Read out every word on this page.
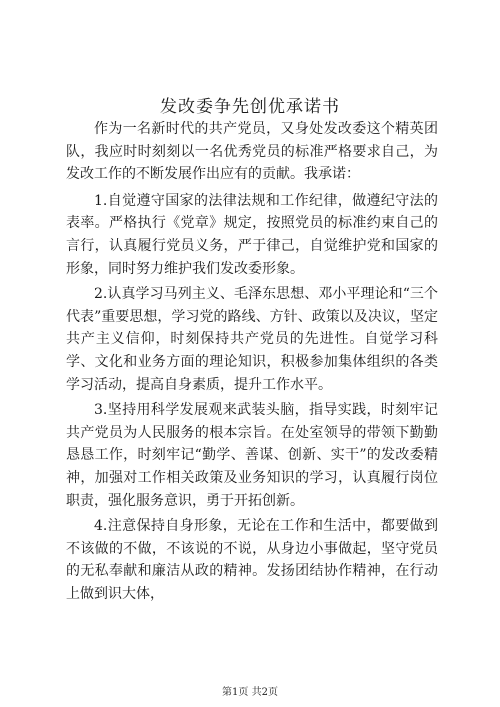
发改委争先创优承诺书

作为一名新时代的共产党员，又身处发改委这个精英团队，我应时时刻刻以一名优秀党员的标准严格要求自己，为发改工作的不断发展作出应有的贡献。我承诺：

1.自觉遵守国家的法律法规和工作纪律，做遵纪守法的表率。严格执行《党章》规定，按照党员的标准约束自己的言行，认真履行党员义务，严于律己，自觉维护党和国家的形象，同时努力维护我们发改委形象。

2.认真学习马列主义、毛泽东思想、邓小平理论和“三个代表”重要思想，学习党的路线、方针、政策以及决议，坚定共产主义信仰，时刻保持共产党员的先进性。自觉学习科学、文化和业务方面的理论知识，积极参加集体组织的各类学习活动，提高自身素质，提升工作水平。

3.坚持用科学发展观来武装头脑，指导实践，时刻牢记共产党员为人民服务的根本宗旨。在处室领导的带领下勤勤恳恳工作，时刻牢记“勤学、善谋、创新、实干”的发改委精神，加强对工作相关政策及业务知识的学习，认真履行岗位职责，强化服务意识，勇于开拓创新。

4.注意保持自身形象，无论在工作和生活中，都要做到不该做的不做，不该说的不说，从身边小事做起，坚守党员的无私奉献和廉洁从政的精神。发扬团结协作精神，在行动上做到识大体，

第1页 共2页
